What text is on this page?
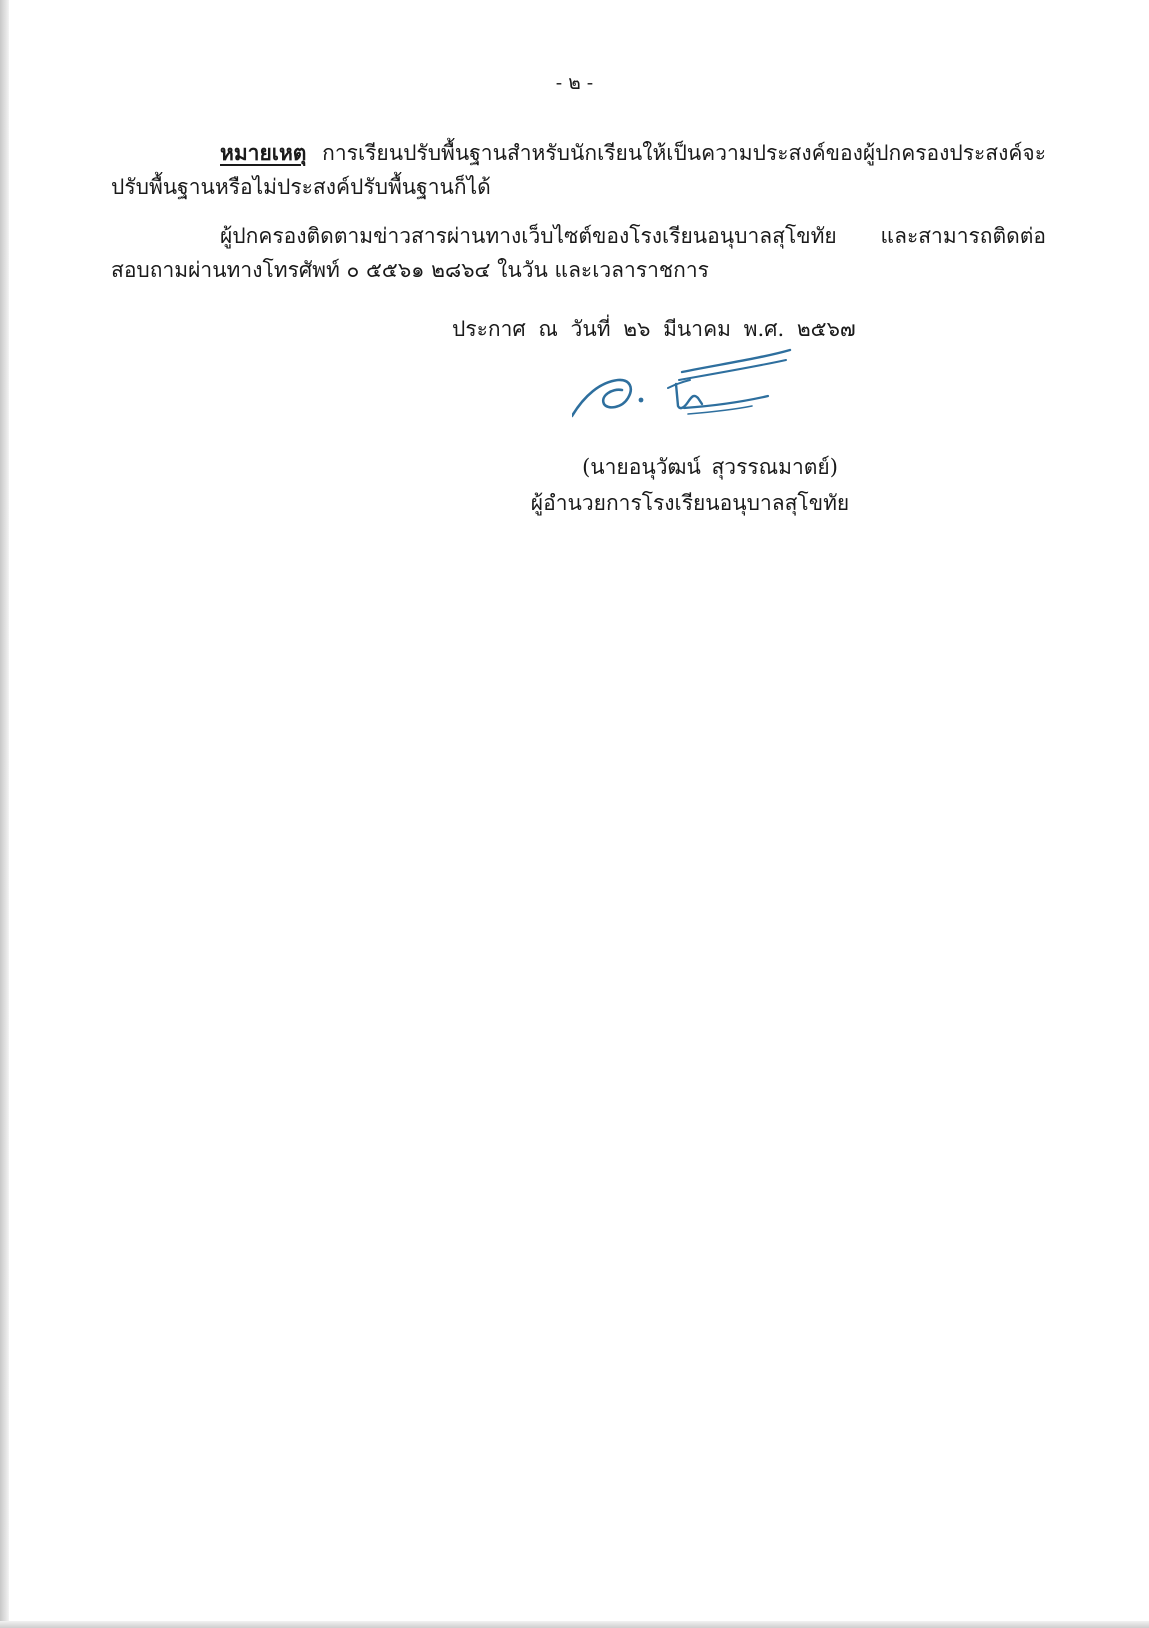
- ๒ -

หมายเหตุ การเรียนปรับพื้นฐานสำหรับนักเรียนให้เป็นความประสงค์ของผู้ปกครองประสงค์จะปรับพื้นฐานหรือไม่ประสงค์ปรับพื้นฐานก็ได้

ผู้ปกครองติดตามข่าวสารผ่านทางเว็บไซต์ของโรงเรียนอนุบาลสุโขทัย และสามารถติดต่อสอบถามผ่านทางโทรศัพท์ ๐ ๕๕๖๑ ๒๘๖๔ ในวัน และเวลาราชการ

ประกาศ ณ วันที่ ๒๖ มีนาคม พ.ศ. ๒๕๖๗
(นายอนุวัฒน์ สุวรรณมาตย์)
ผู้อำนวยการโรงเรียนอนุบาลสุโขทัย
